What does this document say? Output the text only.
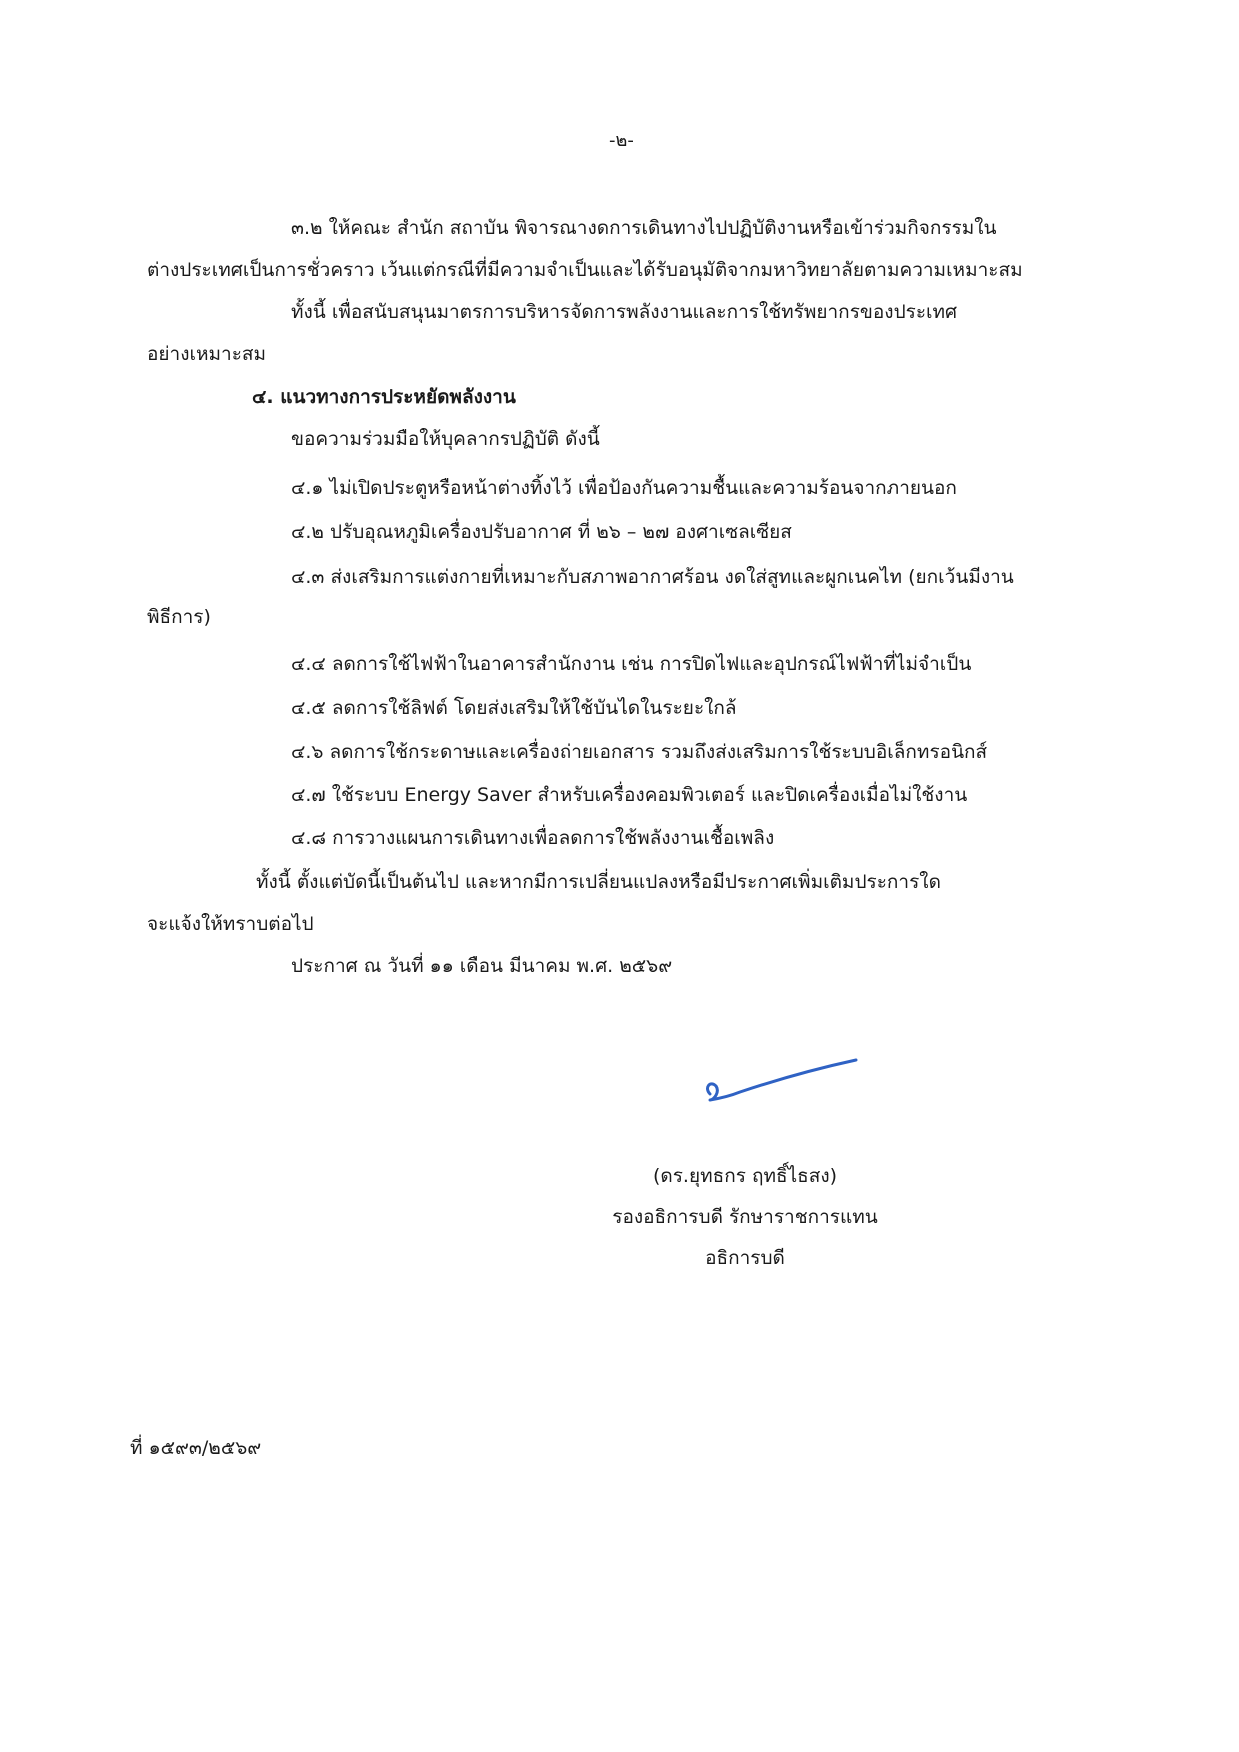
-๒-
๓.๒ ให้คณะ สำนัก สถาบัน พิจารณางดการเดินทางไปปฏิบัติงานหรือเข้าร่วมกิจกรรมใน
ต่างประเทศเป็นการชั่วคราว เว้นแต่กรณีที่มีความจำเป็นและได้รับอนุมัติจากมหาวิทยาลัยตามความเหมาะสม
ทั้งนี้ เพื่อสนับสนุนมาตรการบริหารจัดการพลังงานและการใช้ทรัพยากรของประเทศ
อย่างเหมาะสม
๔. แนวทางการประหยัดพลังงาน
ขอความร่วมมือให้บุคลากรปฏิบัติ ดังนี้
๔.๑ ไม่เปิดประตูหรือหน้าต่างทิ้งไว้ เพื่อป้องกันความชื้นและความร้อนจากภายนอก
๔.๒ ปรับอุณหภูมิเครื่องปรับอากาศ ที่ ๒๖ – ๒๗ องศาเซลเซียส
๔.๓ ส่งเสริมการแต่งกายที่เหมาะกับสภาพอากาศร้อน งดใส่สูทและผูกเนคไท (ยกเว้นมีงาน
พิธีการ)
๔.๔ ลดการใช้ไฟฟ้าในอาคารสำนักงาน เช่น การปิดไฟและอุปกรณ์ไฟฟ้าที่ไม่จำเป็น
๔.๕ ลดการใช้ลิฟต์ โดยส่งเสริมให้ใช้บันไดในระยะใกล้
๔.๖ ลดการใช้กระดาษและเครื่องถ่ายเอกสาร รวมถึงส่งเสริมการใช้ระบบอิเล็กทรอนิกส์
๔.๗ ใช้ระบบ Energy Saver สำหรับเครื่องคอมพิวเตอร์ และปิดเครื่องเมื่อไม่ใช้งาน
๔.๘ การวางแผนการเดินทางเพื่อลดการใช้พลังงานเชื้อเพลิง
ทั้งนี้ ตั้งแต่บัดนี้เป็นต้นไป และหากมีการเปลี่ยนแปลงหรือมีประกาศเพิ่มเติมประการใด
จะแจ้งให้ทราบต่อไป
ประกาศ ณ วันที่ ๑๑ เดือน มีนาคม พ.ศ. ๒๕๖๙
(ดร.ยุทธกร ฤทธิ์ไธสง)
รองอธิการบดี รักษาราชการแทน
อธิการบดี
ที่ ๑๕๙๓/๒๕๖๙
